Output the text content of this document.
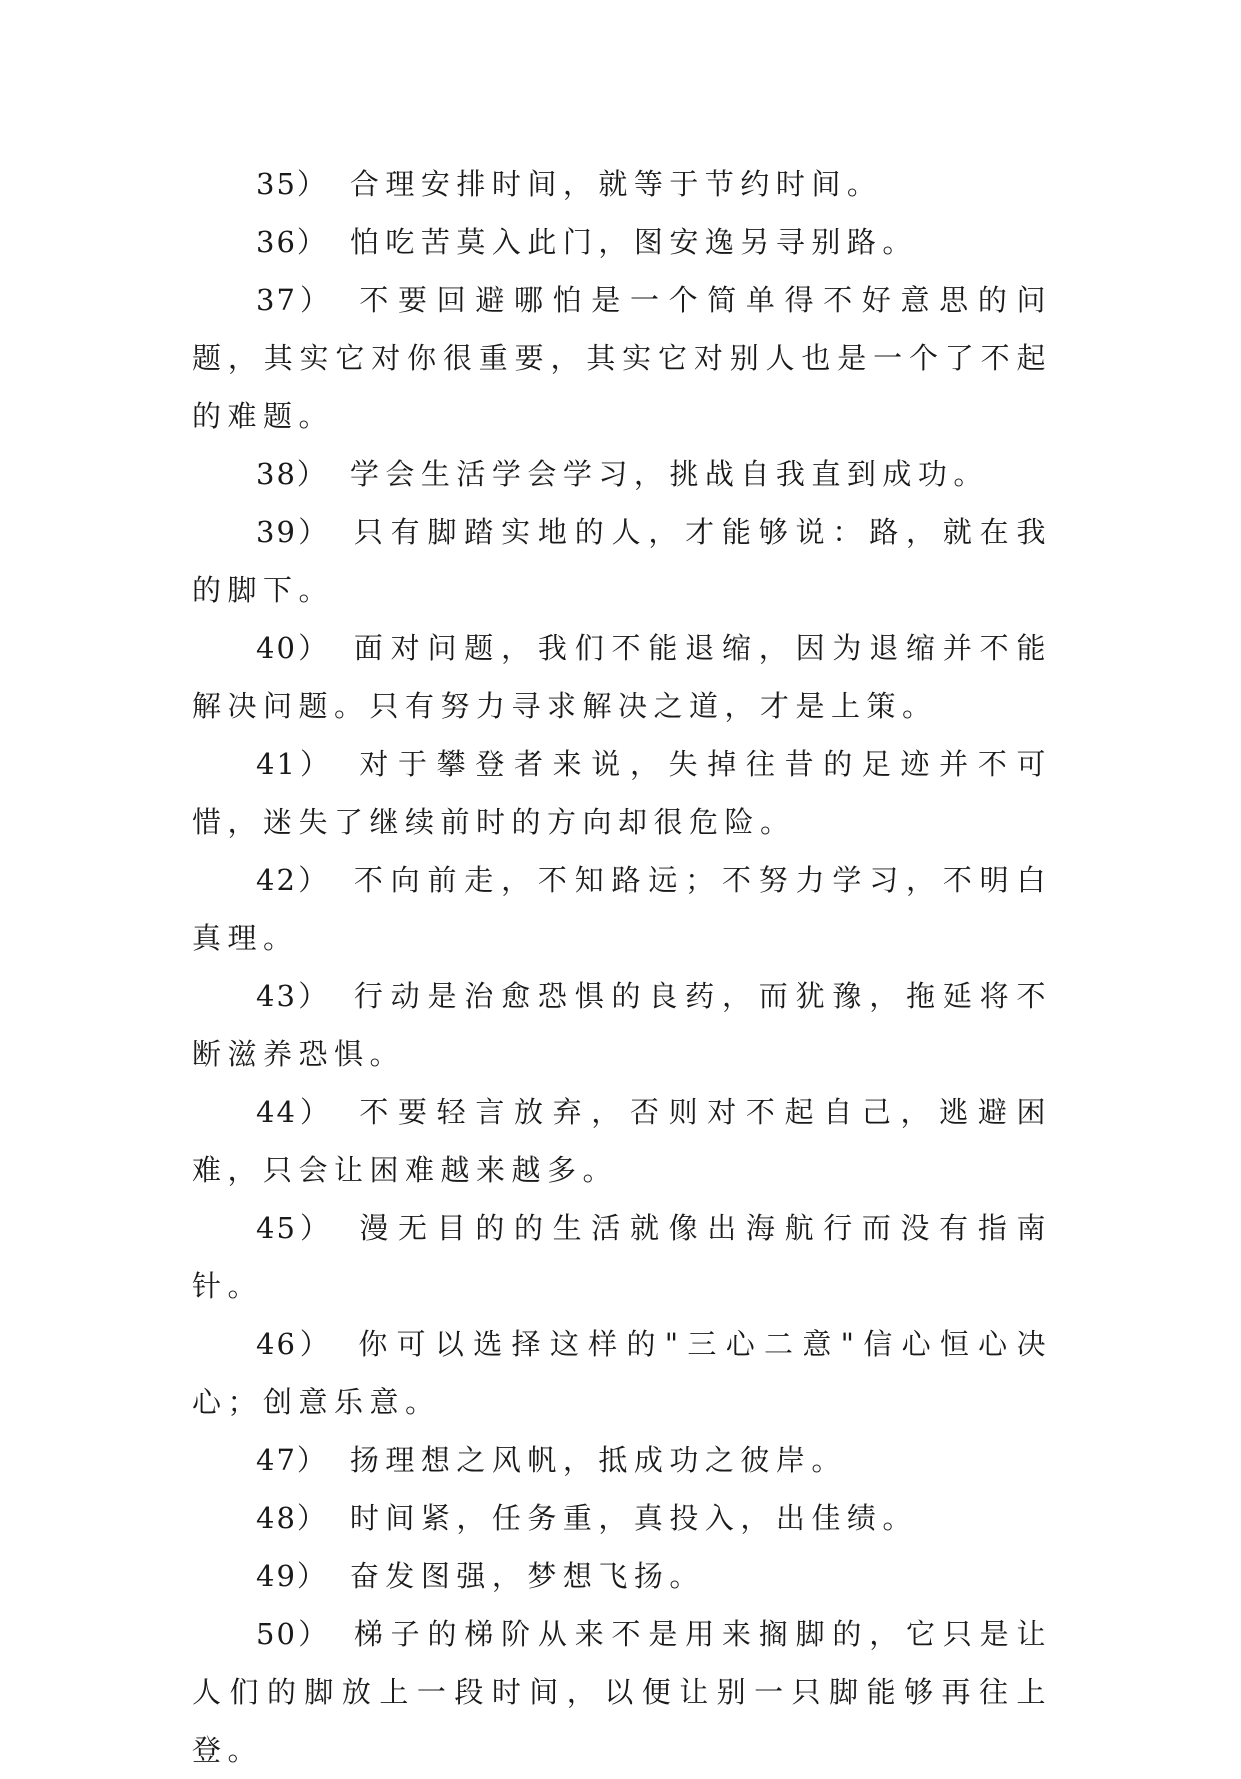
35） 合理安排时间，就等于节约时间。

36） 怕吃苦莫入此门，图安逸另寻别路。

37） 不要回避哪怕是一个简单得不好意思的问题，其实它对你很重要，其实它对别人也是一个了不起的难题。

38） 学会生活学会学习，挑战自我直到成功。

39） 只有脚踏实地的人，才能够说：路，就在我的脚下。

40） 面对问题，我们不能退缩，因为退缩并不能解决问题。只有努力寻求解决之道，才是上策。

41） 对于攀登者来说，失掉往昔的足迹并不可惜，迷失了继续前时的方向却很危险。

42） 不向前走，不知路远；不努力学习，不明白真理。

43） 行动是治愈恐惧的良药，而犹豫，拖延将不断滋养恐惧。

44） 不要轻言放弃，否则对不起自己，逃避困难，只会让困难越来越多。

45） 漫无目的的生活就像出海航行而没有指南针。

46） 你可以选择这样的"三心二意"信心恒心决心；创意乐意。

47） 扬理想之风帆，抵成功之彼岸。

48） 时间紧，任务重，真投入，出佳绩。

49） 奋发图强，梦想飞扬。

50） 梯子的梯阶从来不是用来搁脚的，它只是让人们的脚放上一段时间，以便让别一只脚能够再往上登。
